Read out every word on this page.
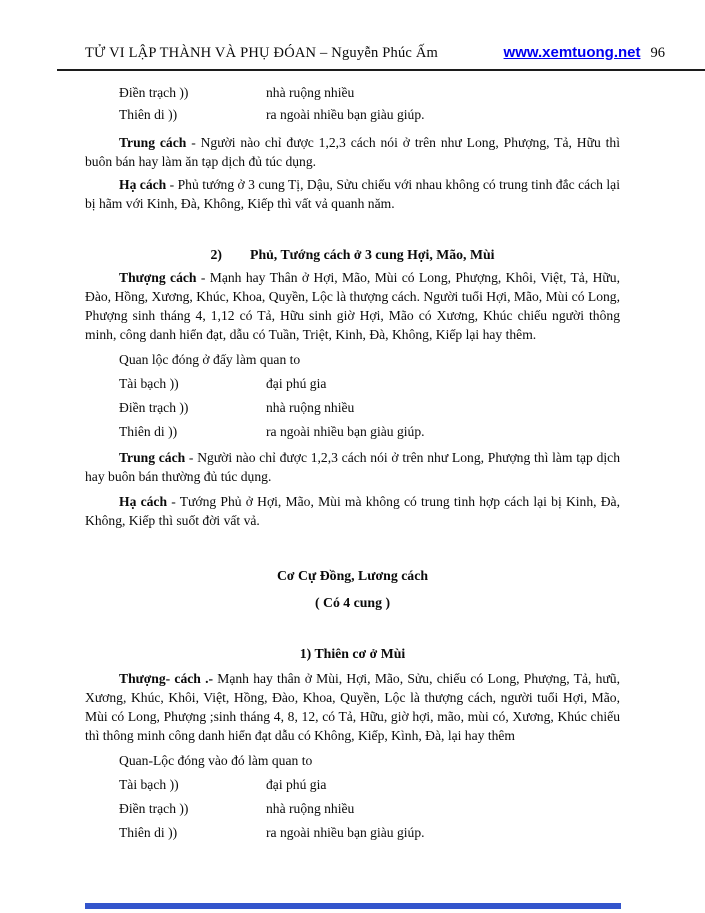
TỬ VI LẬP THÀNH VÀ PHỤ ĐÓAN – Nguyễn Phúc Ấm	www.xemtuong.net 96
Điền trạch ))	nhà ruộng nhiều
Thiên di ))	ra ngoài nhiều bạn giàu giúp.

Trung cách - Người nào chỉ được 1,2,3 cách nói ở trên như Long, Phượng, Tả, Hữu thì buôn bán hay làm ăn tạp dịch đủ túc dụng.

Hạ cách - Phủ tướng ở 3 cung Tị, Dậu, Sửu chiếu với nhau không có trung tinh đắc cách lại bị hãm với Kinh, Đà, Không, Kiếp thì vất vả quanh năm.

2) Phủ, Tướng cách ở 3 cung Hợi, Mão, Mùi

Thượng cách - Mạnh hay Thân ở Hợi, Mão, Mùi có Long, Phượng, Khôi, Việt, Tả, Hữu, Đào, Hồng, Xương, Khúc, Khoa, Quyền, Lộc là thượng cách. Người tuổi Hợi, Mão, Mùi có Long, Phượng sinh tháng 4, 1,12 có Tả, Hữu sinh giờ Hợi, Mão có Xương, Khúc chiếu người thông minh, công danh hiển đạt, dẫu có Tuần, Triệt, Kinh, Đà, Không, Kiếp lại hay thêm.

Quan lộc đóng ở đấy làm quan to
Tài bạch ))	đại phú gia
Điền trạch ))	nhà ruộng nhiều
Thiên di ))	ra ngoài nhiều bạn giàu giúp.

Trung cách - Người nào chỉ được 1,2,3 cách nói ở trên như Long, Phượng thì làm tạp dịch hay buôn bán thường đủ túc dụng.

Hạ cách - Tướng Phủ ở Hợi, Mão, Mùi mà không có trung tinh hợp cách lại bị Kinh, Đà, Không, Kiếp thì suốt đời vất vả.

Cơ Cự Đồng, Lương cách
( Có 4 cung )
1) Thiên cơ ở Mùi

Thượng- cách .- Mạnh hay thân ở Mùi, Hợi, Mão, Sửu, chiếu có Long, Phượng, Tả, hưũ, Xương, Khúc, Khôi, Việt, Hồng, Đào, Khoa, Quyền, Lộc là thượng cách, người tuổi Hợi, Mão, Mùi có Long, Phượng ;sinh tháng 4, 8, 12, có Tả, Hữu, giờ hợi, mão, mùi có, Xương, Khúc chiếu thì thông minh công danh hiển đạt dẫu có Không, Kiếp, Kình, Đà, lại hay thêm

Quan-Lộc đóng vào đó làm quan to
Tài bạch ))	đại phú gia
Điền trạch ))	nhà ruộng nhiều
Thiên di ))	ra ngoài nhiều bạn giàu giúp.
